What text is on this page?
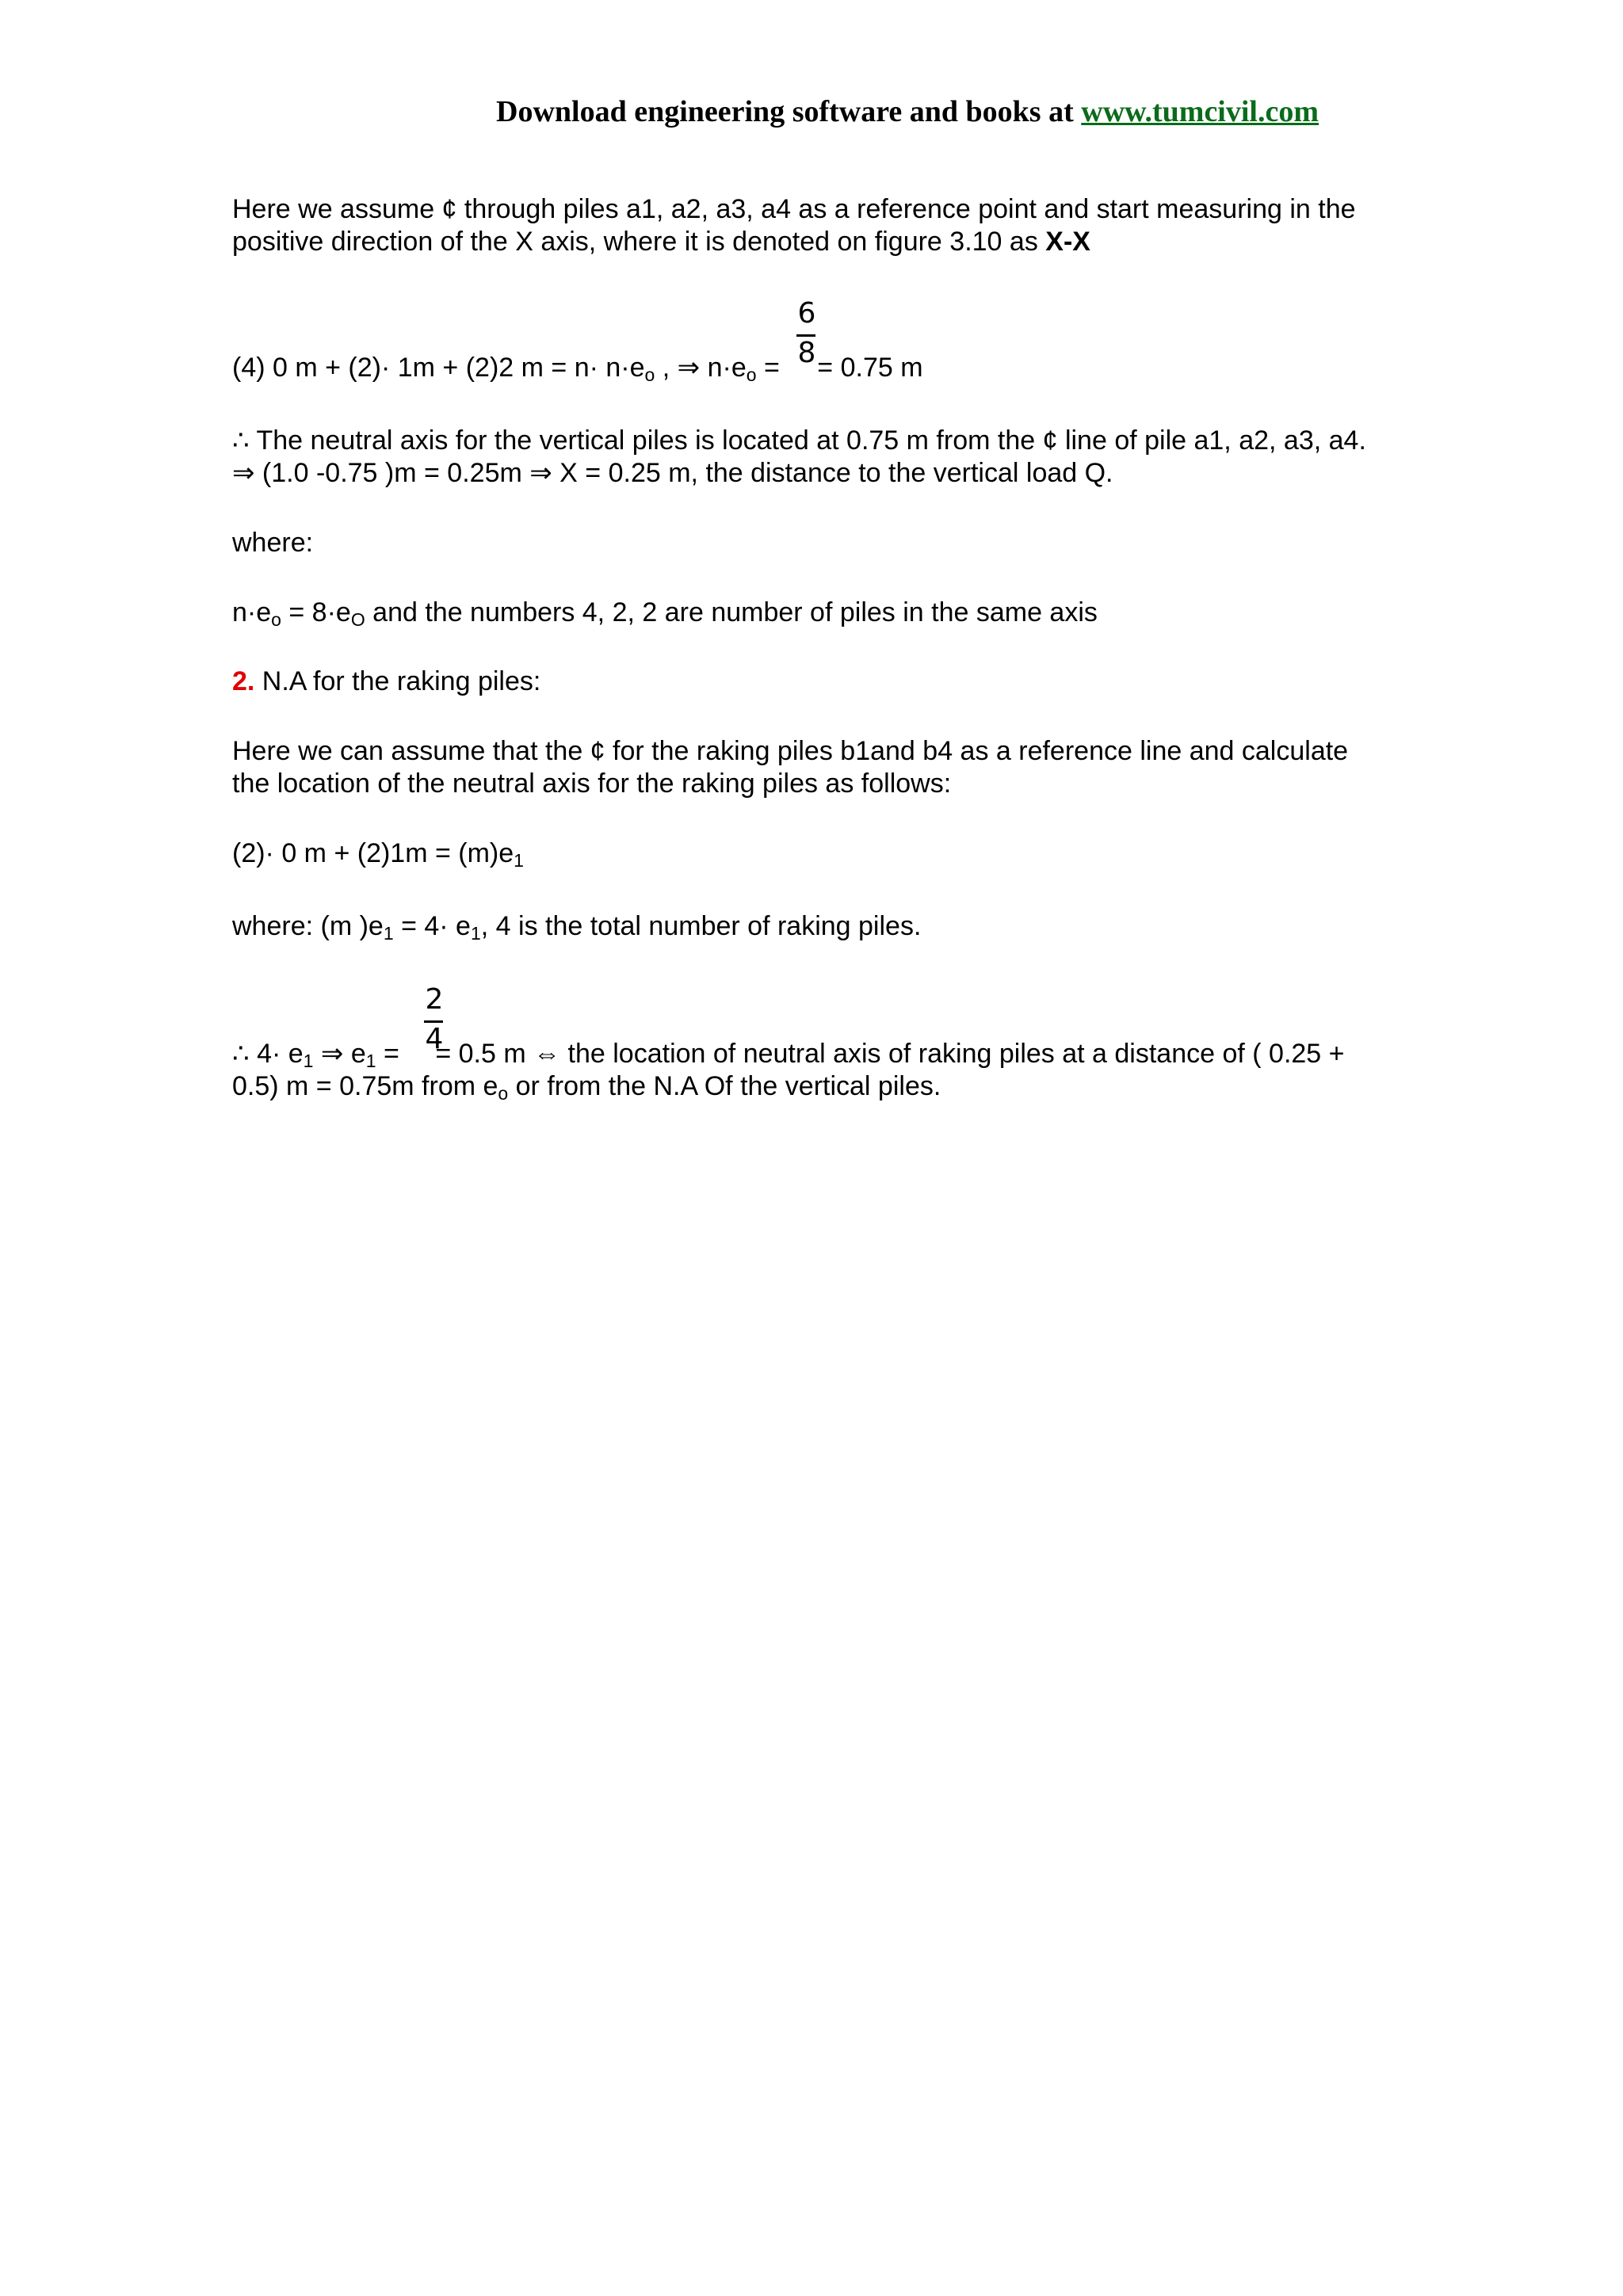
Download engineering software and books at www.tumcivil.com
Here we assume ¢ through piles a1, a2, a3, a4 as a reference point and start measuring in the
positive direction of the X axis, where it is denoted on figure 3.10 as X-X
6
8
(4) 0 m + (2)· 1m + (2)2 $m = n\cdot n\cdot e_o$ , ⇒ $n\cdot e_o$ = = 0.75 m
∴ The neutral axis for the vertical piles is located at 0.75 m from the ¢ line of pile a1, a2, a3, a4.
⇒ (1.0 -0.75 )m = 0.25m ⇒ X = 0.25 m, the distance to the vertical load Q.
where:
$n\cdot e_o = 8\cdot e_O$ and the numbers 4, 2, 2 are number of piles in the same axis
2. N.A for the raking piles:
Here we can assume that the ¢ for the raking piles b1and b4 as a reference line and calculate
the location of the neutral axis for the raking piles as follows:
(2)· 0 $m + (2)1m = (m)e_1$
where: (m )$e_1 = 4\cdot e_1$, 4 is the total number of raking piles.
2
4
∴ $4\cdot e_1$ ⇒ $e_1$ = = 0.5 m ⇔ the location of neutral axis of raking piles at a distance of ( 0.25 +
0.5) m = 0.75m from $e_o$ or from the N.A Of the vertical piles.
